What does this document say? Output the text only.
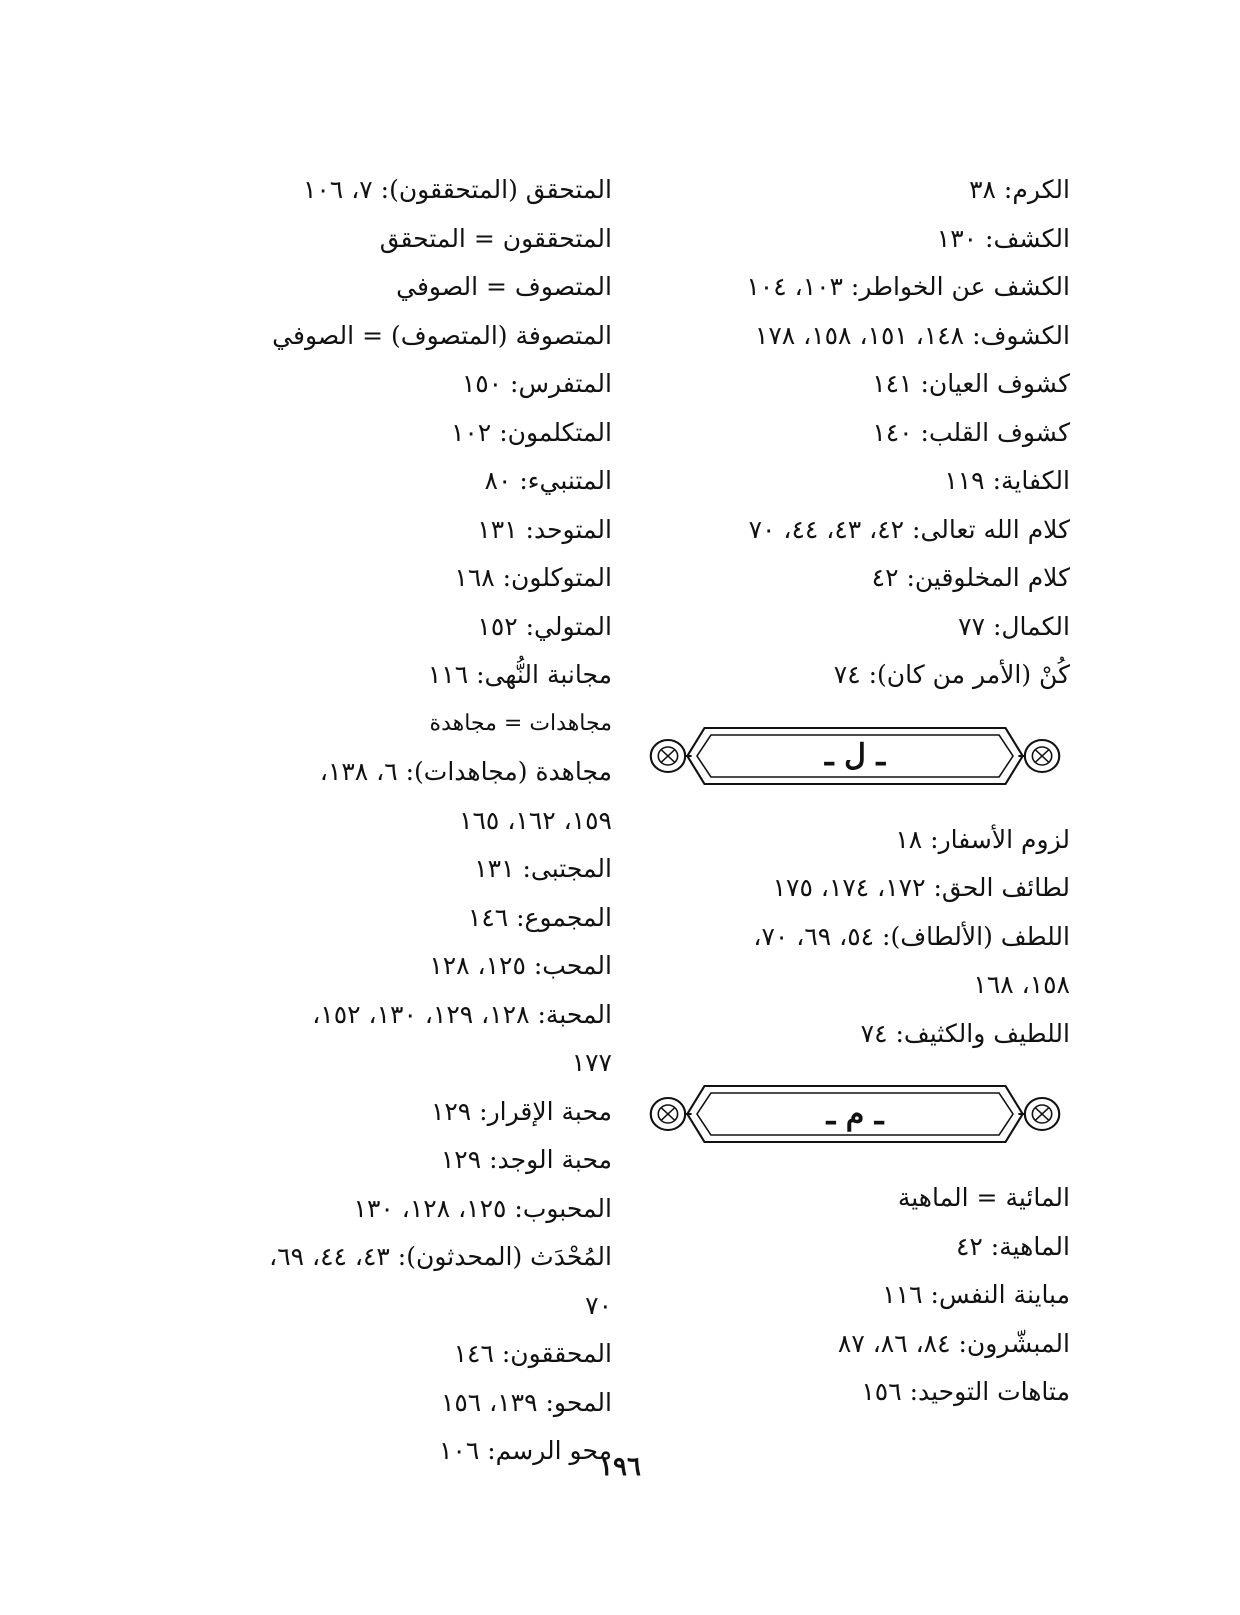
الكرم: ٣٨
الكشف: ١٣٠
الكشف عن الخواطر: ١٠٣، ١٠٤
الكشوف: ١٤٨، ١٥١، ١٥٨، ١٧٨
كشوف العيان: ١٤١
كشوف القلب: ١٤٠
الكفاية: ١١٩
كلام الله تعالى: ٤٢، ٤٣، ٤٤، ٧٠
كلام المخلوقين: ٤٢
الكمال: ٧٧
كُنْ (الأمر من كان): ٧٤
ـ ل ـ
لزوم الأسفار: ١٨
لطائف الحق: ١٧٢، ١٧٤، ١٧٥
اللطف (الألطاف): ٥٤، ٦٩، ٧٠،
١٥٨، ١٦٨
اللطيف والكثيف: ٧٤
ـ م ـ
المائية = الماهية
الماهية: ٤٢
مباينة النفس: ١١٦
المبشّرون: ٨٤، ٨٦، ٨٧
متاهات التوحيد: ١٥٦
المتحقق (المتحققون): ٧، ١٠٦
المتحققون = المتحقق
المتصوف = الصوفي
المتصوفة (المتصوف) = الصوفي
المتفرس: ١٥٠
المتكلمون: ١٠٢
المتنبيء: ٨٠
المتوحد: ١٣١
المتوكلون: ١٦٨
المتولي: ١٥٢
مجانبة النُّهى: ١١٦
مجاهدات = مجاهدة
مجاهدة (مجاهدات): ٦، ١٣٨،
١٥٩، ١٦٢، ١٦٥
المجتبى: ١٣١
المجموع: ١٤٦
المحب: ١٢٥، ١٢٨
المحبة: ١٢٨، ١٢٩، ١٣٠، ١٥٢،
١٧٧
محبة الإقرار: ١٢٩
محبة الوجد: ١٢٩
المحبوب: ١٢٥، ١٢٨، ١٣٠
المُحْدَث (المحدثون): ٤٣، ٤٤، ٦٩،
٧٠
المحققون: ١٤٦
المحو: ١٣٩، ١٥٦
محو الرسم: ١٠٦
١٩٦
